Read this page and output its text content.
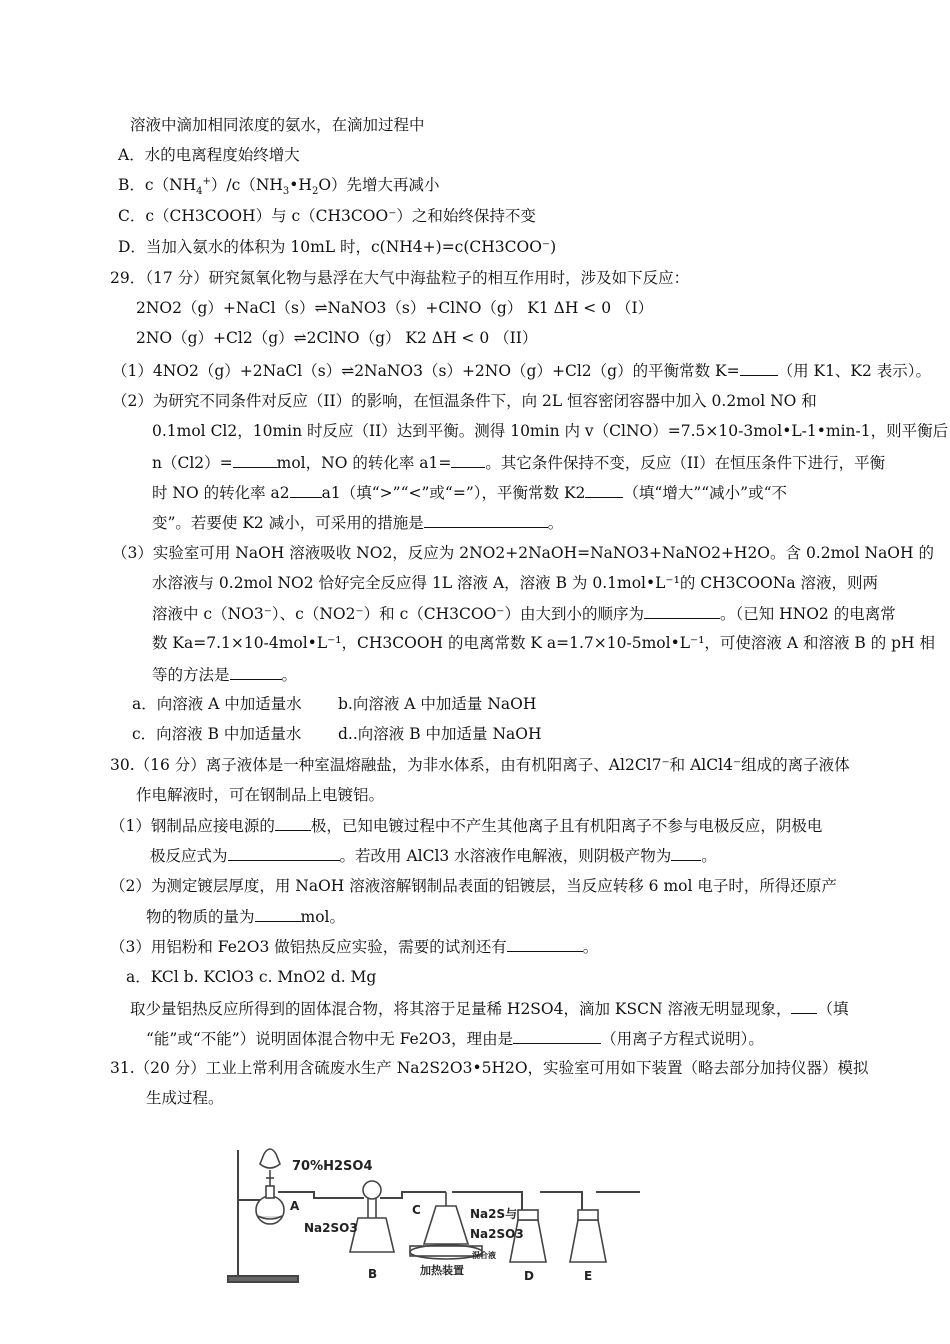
溶液中滴加相同浓度的氨水，在滴加过程中
A．水的电离程度始终增大
B．$c(NH_4^+)/c(NH_3•H_2O)$先增大再减小
C．c（CH3COOH）与 c（CH3COO⁻）之和始终保持不变
D．当加入氨水的体积为 10mL 时，c(NH4+)=c(CH3COO⁻)
29．（17 分）研究氮氧化物与悬浮在大气中海盐粒子的相互作用时，涉及如下反应：
2NO2（g）+NaCl（s）⇌NaNO3（s）+ClNO（g） K1 ΔH < 0 （I）
2NO（g）+Cl2（g）⇌2ClNO（g） K2 ΔH < 0 （II）
（1）4NO2（g）+2NaCl（s）⇌2NaNO3（s）+2NO（g）+Cl2（g）的平衡常数 K= （用 K1、K2 表示）。
（2）为研究不同条件对反应（II）的影响，在恒温条件下，向 2L 恒容密闭容器中加入 0.2mol NO 和
0.1mol Cl2，10min 时反应（II）达到平衡。测得 10min 内 v（ClNO）=7.5×10-3mol•L-1•min-1，则平衡后
n（Cl2）=	mol，NO 的转化率 a1= 。其它条件保持不变，反应（II）在恒压条件下进行，平衡
时 NO 的转化率 a2 a1（填“>”“<”或“=”），平衡常数 K2 （填“增大”“减小”或“不
变”。若要使 K2 减小，可采用的措施是	。
（3）实验室可用 NaOH 溶液吸收 NO2，反应为 2NO2+2NaOH=NaNO3+NaNO2+H2O。含 0.2mol NaOH 的
水溶液与 0.2mol NO2 恰好完全反应得 1L 溶液 A，溶液 B 为 0.1mol•L⁻¹的 CH3COONa 溶液，则两
溶液中 c（NO3⁻）、c（NO2⁻）和 c（CH3COO⁻）由大到小的顺序为	。（已知 HNO2 的电离常
数 Ka=7.1×10-4mol•L⁻¹，CH3COOH 的电离常数 K a=1.7×10-5mol•L⁻¹，可使溶液 A 和溶液 B 的 pH 相
等的方法是	。
a．向溶液 A 中加适量水 b.向溶液 A 中加适量 NaOH
c．向溶液 B 中加适量水 d..向溶液 B 中加适量 NaOH
30.（16 分）离子液体是一种室温熔融盐，为非水体系，由有机阳离子、Al2Cl7⁻和 AlCl4⁻组成的离子液体
作电解液时，可在钢制品上电镀铝。
（1）钢制品应接电源的 极，已知电镀过程中不产生其他离子且有机阳离子不参与电极反应，阴极电
极反应式为	。若改用 AlCl3 水溶液作电解液，则阴极产物为 。
（2）为测定镀层厚度，用 NaOH 溶液溶解钢制品表面的铝镀层，当反应转移 6 mol 电子时，所得还原产
物的物质的量为	mol。
（3）用铝粉和 Fe2O3 做铝热反应实验，需要的试剂还有	。
a．KCl b. KClO3 c. MnO2 d. Mg
取少量铝热反应所得到的固体混合物，将其溶于足量稀 H2SO4，滴加 KSCN 溶液无明显现象， （填
“能”或“不能”）说明固体混合物中无 Fe2O3，理由是	（用离子方程式说明）。
31.（20 分）工业上常利用含硫废水生产 Na2S2O3•5H2O，实验室可用如下装置（略去部分加持仪器）模拟
生成过程。
70%H2SO4
A
Na2SO3
B
C	Na2S与
Na2SO3
加热装置
混合液
D	E
